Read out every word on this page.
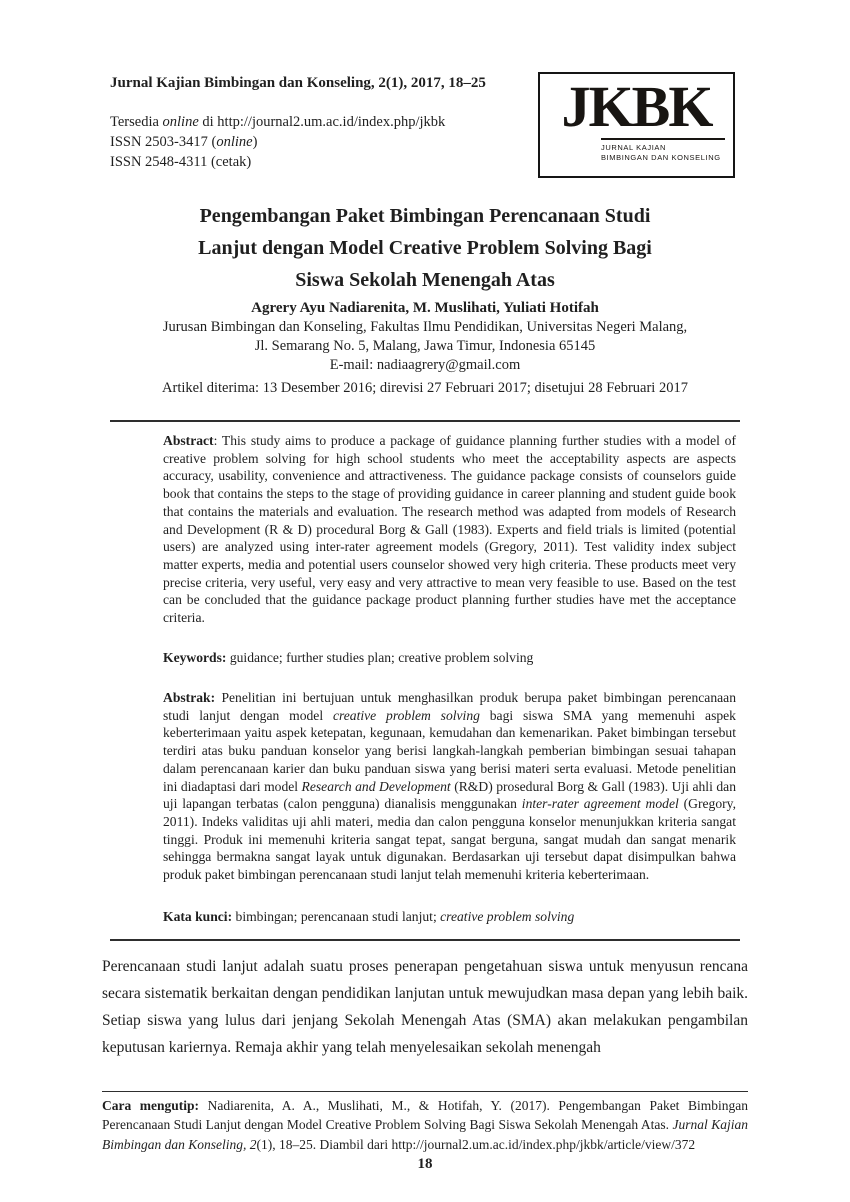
Jurnal Kajian Bimbingan dan Konseling, 2(1), 2017, 18–25
Tersedia online di http://journal2.um.ac.id/index.php/jkbk
ISSN 2503-3417 (online)
ISSN 2548-4311 (cetak)
JKBK
JURNAL KAJIAN
BIMBINGAN DAN KONSELING
Pengembangan Paket Bimbingan Perencanaan Studi
Lanjut dengan Model Creative Problem Solving Bagi
Siswa Sekolah Menengah Atas
Agrery Ayu Nadiarenita, M. Muslihati, Yuliati Hotifah
Jurusan Bimbingan dan Konseling, Fakultas Ilmu Pendidikan, Universitas Negeri Malang,
Jl. Semarang No. 5, Malang, Jawa Timur, Indonesia 65145
E-mail: nadiaagrery@gmail.com
Artikel diterima: 13 Desember 2016; direvisi 27 Februari 2017; disetujui 28 Februari 2017
Abstract: This study aims to produce a package of guidance planning further studies with a model of creative problem solving for high school students who meet the acceptability aspects are aspects accuracy, usability, convenience and attractiveness. The guidance package consists of counselors guide book that contains the steps to the stage of providing guidance in career planning and student guide book that contains the materials and evaluation. The research method was adapted from models of Research and Development (R & D) procedural Borg & Gall (1983). Experts and field trials is limited (potential users) are analyzed using inter-rater agreement models (Gregory, 2011). Test validity index subject matter experts, media and potential users counselor showed very high criteria. These products meet very precise criteria, very useful, very easy and very attractive to mean very feasible to use. Based on the test can be concluded that the guidance package product planning further studies have met the acceptance criteria.
Keywords: guidance; further studies plan; creative problem solving
Abstrak: Penelitian ini bertujuan untuk menghasilkan produk berupa paket bimbingan perencanaan studi lanjut dengan model creative problem solving bagi siswa SMA yang memenuhi aspek keberterimaan yaitu aspek ketepatan, kegunaan, kemudahan dan kemenarikan. Paket bimbingan tersebut terdiri atas buku panduan konselor yang berisi langkah-langkah pemberian bimbingan sesuai tahapan dalam perencanaan karier dan buku panduan siswa yang berisi materi serta evaluasi. Metode penelitian ini diadaptasi dari model Research and Development (R&D) prosedural Borg & Gall (1983). Uji ahli dan uji lapangan terbatas (calon pengguna) dianalisis menggunakan inter-rater agreement model (Gregory, 2011). Indeks validitas uji ahli materi, media dan calon pengguna konselor menunjukkan kriteria sangat tinggi. Produk ini memenuhi kriteria sangat tepat, sangat berguna, sangat mudah dan sangat menarik sehingga bermakna sangat layak untuk digunakan. Berdasarkan uji tersebut dapat disimpulkan bahwa produk paket bimbingan perencanaan studi lanjut telah memenuhi kriteria keberterimaan.
Kata kunci: bimbingan; perencanaan studi lanjut; creative problem solving
Perencanaan studi lanjut adalah suatu proses penerapan pengetahuan siswa untuk menyusun rencana secara sistematik berkaitan dengan pendidikan lanjutan untuk mewujudkan masa depan yang lebih baik. Setiap siswa yang lulus dari jenjang Sekolah Menengah Atas (SMA) akan melakukan pengambilan keputusan kariernya. Remaja akhir yang telah menyelesaikan sekolah menengah
Cara mengutip: Nadiarenita, A. A., Muslihati, M., & Hotifah, Y. (2017). Pengembangan Paket Bimbingan Perencanaan Studi Lanjut dengan Model Creative Problem Solving Bagi Siswa Sekolah Menengah Atas. Jurnal Kajian Bimbingan dan Konseling, 2(1), 18–25. Diambil dari http://journal2.um.ac.id/index.php/jkbk/article/view/372
18
